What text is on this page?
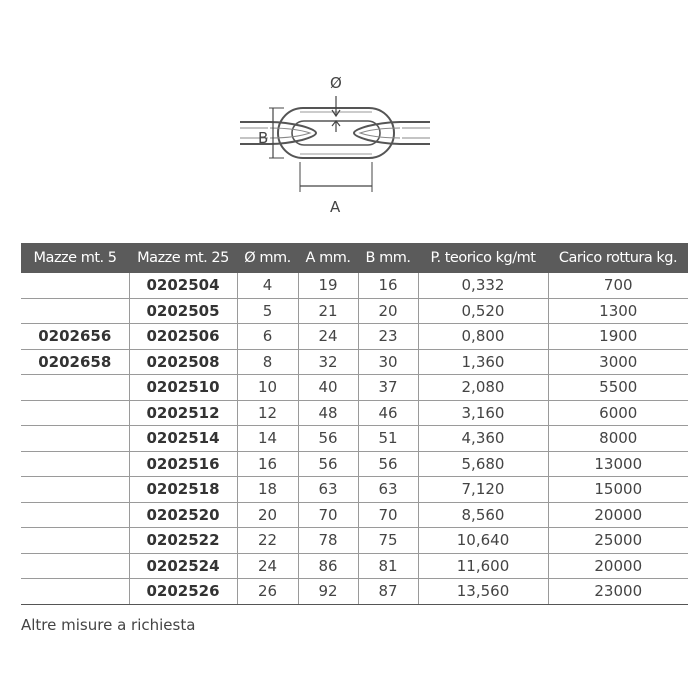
Ø
B
A
Mazze mt. 5	Mazze mt. 25	Ø mm.	A mm.	B mm.	P. teorico kg/mt	Carico rottura kg.
	0202504	4	19	16	0,332	700
	0202505	5	21	20	0,520	1300
0202656	0202506	6	24	23	0,800	1900
0202658	0202508	8	32	30	1,360	3000
	0202510	10	40	37	2,080	5500
	0202512	12	48	46	3,160	6000
	0202514	14	56	51	4,360	8000
	0202516	16	56	56	5,680	13000
	0202518	18	63	63	7,120	15000
	0202520	20	70	70	8,560	20000
	0202522	22	78	75	10,640	25000
	0202524	24	86	81	11,600	20000
	0202526	26	92	87	13,560	23000
Altre misure a richiesta
